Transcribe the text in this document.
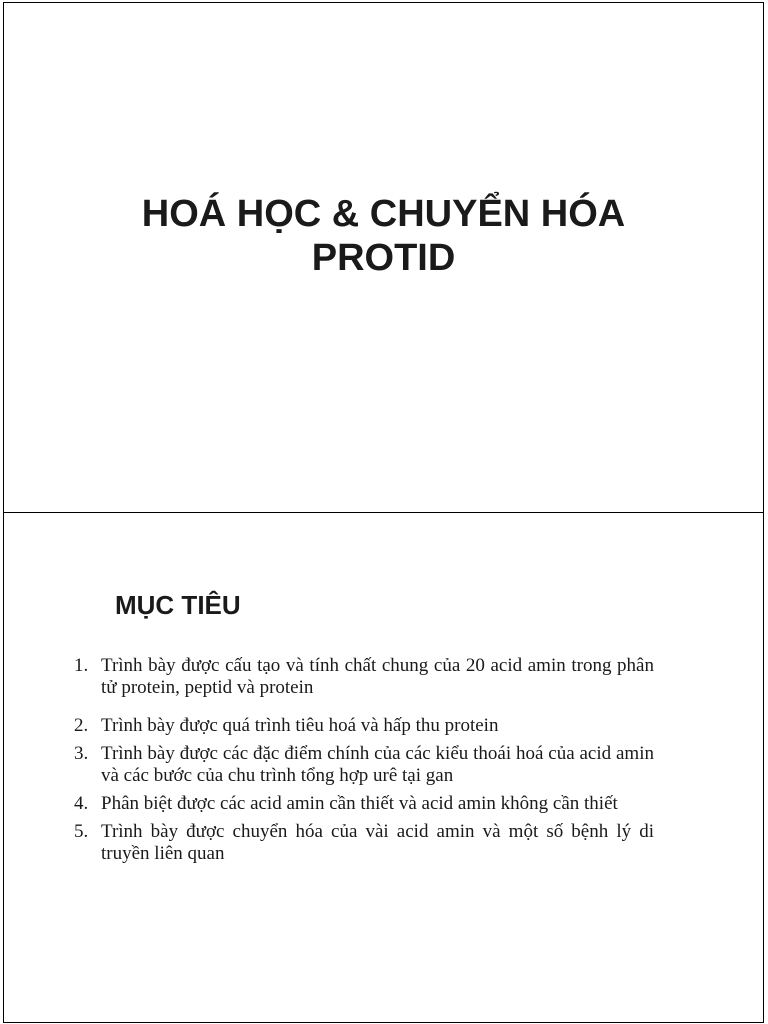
HOÁ HỌC & CHUYỂN HÓA
PROTID
MỤC TIÊU
1. Trình bày được cấu tạo và tính chất chung của 20 acid amin trong phân tử protein, peptid và protein
2. Trình bày được quá trình tiêu hoá và hấp thu protein
3. Trình bày được các đặc điểm chính của các kiểu thoái hoá của acid amin và các bước của chu trình tổng hợp urê tại gan
4. Phân biệt được các acid amin cần thiết và acid amin không cần thiết
5. Trình bày được chuyển hóa của vài acid amin và một số bệnh lý di truyền liên quan
